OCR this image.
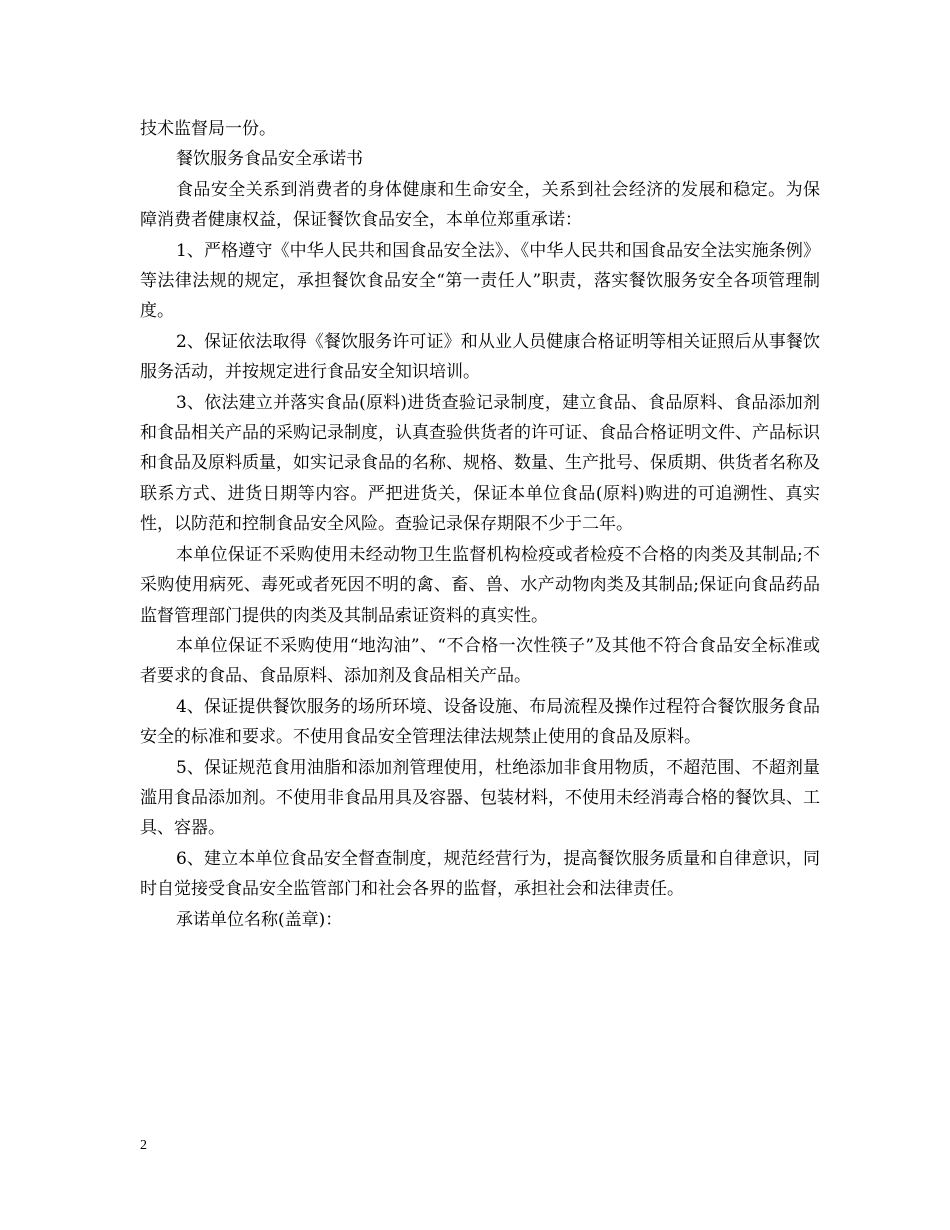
技术监督局一份。

餐饮服务食品安全承诺书

食品安全关系到消费者的身体健康和生命安全，关系到社会经济的发展和稳定。为保障消费者健康权益，保证餐饮食品安全，本单位郑重承诺：

1、严格遵守《中华人民共和国食品安全法》、《中华人民共和国食品安全法实施条例》等法律法规的规定，承担餐饮食品安全“第一责任人”职责，落实餐饮服务安全各项管理制度。

2、保证依法取得《餐饮服务许可证》和从业人员健康合格证明等相关证照后从事餐饮服务活动，并按规定进行食品安全知识培训。

3、依法建立并落实食品(原料)进货查验记录制度，建立食品、食品原料、食品添加剂和食品相关产品的采购记录制度，认真查验供货者的许可证、食品合格证明文件、产品标识和食品及原料质量，如实记录食品的名称、规格、数量、生产批号、保质期、供货者名称及联系方式、进货日期等内容。严把进货关，保证本单位食品(原料)购进的可追溯性、真实性，以防范和控制食品安全风险。查验记录保存期限不少于二年。

本单位保证不采购使用未经动物卫生监督机构检疫或者检疫不合格的肉类及其制品;不采购使用病死、毒死或者死因不明的禽、畜、兽、水产动物肉类及其制品;保证向食品药品监督管理部门提供的肉类及其制品索证资料的真实性。

本单位保证不采购使用“地沟油”、“不合格一次性筷子”及其他不符合食品安全标准或者要求的食品、食品原料、添加剂及食品相关产品。

4、保证提供餐饮服务的场所环境、设备设施、布局流程及操作过程符合餐饮服务食品安全的标准和要求。不使用食品安全管理法律法规禁止使用的食品及原料。

5、保证规范食用油脂和添加剂管理使用，杜绝添加非食用物质，不超范围、不超剂量滥用食品添加剂。不使用非食品用具及容器、包装材料，不使用未经消毒合格的餐饮具、工具、容器。

6、建立本单位食品安全督查制度，规范经营行为，提高餐饮服务质量和自律意识，同时自觉接受食品安全监管部门和社会各界的监督，承担社会和法律责任。

承诺单位名称(盖章)：

2
